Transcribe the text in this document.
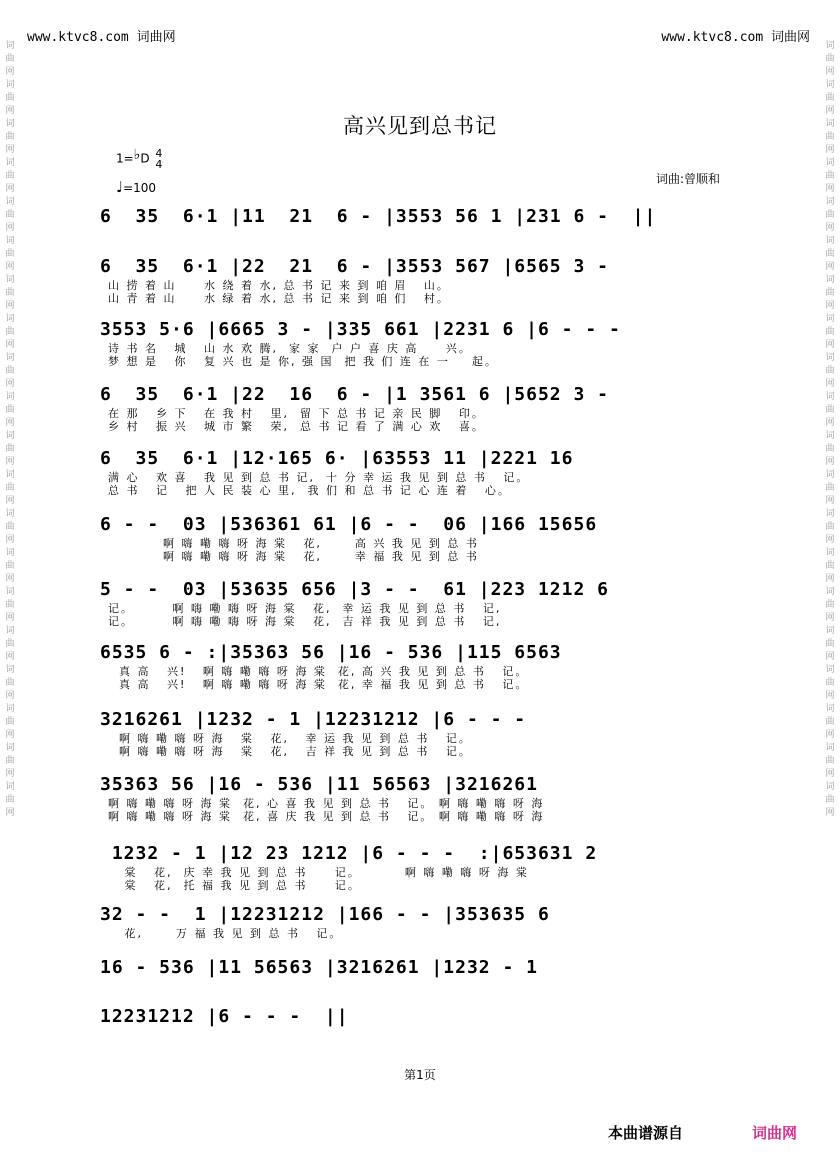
www.ktvc8.com 词曲网	www.ktvc8.com 词曲网
词曲网词曲网词曲网词曲网词曲网词曲网词曲网词曲网词曲网词曲网词曲网词曲网词曲网词曲网词曲网词曲网词曲网词曲网词曲网词曲网
词曲网词曲网词曲网词曲网词曲网词曲网词曲网词曲网词曲网词曲网词曲网词曲网词曲网词曲网词曲网词曲网词曲网词曲网词曲网词曲网
高兴见到总书记
1=♭D 4
4
♩=100
词曲:曾顺和
6  35  6·1 |11  21  6 - |3553 56 1 |231 6 -  ||
6  35  6·1 |22  21  6 - |3553 567 |6565 3 -
山 捞 着 山     水 绕 着 水, 总 书 记 来 到 咱 眉   山。
山 青 着 山     水 绿 着 水, 总 书 记 来 到 咱 们   村。
3553 5·6 |6665 3 - |335 661 |2231 6 |6 - - -
诗 书 名   城   山 水 欢 腾,  家 家  户 户 喜 庆 高     兴。
梦 想 是   你   复 兴 也 是 你, 强 国  把 我 们 连 在 一    起。
6  35  6·1 |22  16  6 - |1 3561 6 |5652 3 -
在 那   乡 下   在 我 村   里,  留 下 总 书 记 亲 民 脚   印。
乡 村   振 兴   城 市 繁   荣,  总 书 记 看 了 满 心 欢   喜。
6  35  6·1 |12·165 6· |63553 11 |2221 16
满 心   欢 喜   我 见 到 总 书 记,  十 分 幸 运 我 见 到 总 书   记。
总 书   记   把 人 民 装 心 里,  我 们 和 总 书 记 心 连 着   心。
6 - -  03 |536361 61 |6 - -  06 |166 15656
啊 嗨 嘞 嗨 呀 海 棠   花,      高 兴 我 见 到 总 书
啊 嗨 嘞 嗨 呀 海 棠   花,      幸 福 我 见 到 总 书
5 - -  03 |53635 656 |3 - -  61 |223 1212 6
记。       啊 嗨 嘞 嗨 呀 海 棠   花,  幸 运 我 见 到 总 书   记,
记。       啊 嗨 嘞 嗨 呀 海 棠   花,  吉 祥 我 见 到 总 书   记,
6535 6 - :|35363 56 |16 - 536 |115 6563
真 高   兴!   啊 嗨 嘞 嗨 呀 海 棠  花, 高 兴 我 见 到 总 书   记。
真 高   兴!   啊 嗨 嘞 嗨 呀 海 棠  花, 幸 福 我 见 到 总 书   记。
3216261 |1232 - 1 |12231212 |6 - - -
啊 嗨 嘞 嗨 呀 海   棠   花,   幸 运 我 见 到 总 书   记。
啊 嗨 嘞 嗨 呀 海   棠   花,   吉 祥 我 见 到 总 书   记。
35363 56 |16 - 536 |11 56563 |3216261
啊 嗨 嘞 嗨 呀 海 棠  花, 心 喜 我 见 到 总 书   记。 啊 嗨 嘞 嗨 呀 海
啊 嗨 嘞 嗨 呀 海 棠  花, 喜 庆 我 见 到 总 书   记。 啊 嗨 嘞 嗨 呀 海
1232 - 1 |12 23 1212 |6 - - -  :|653631 2
棠   花,  庆 幸 我 见 到 总 书     记。        啊 嗨 嘞 嗨 呀 海 棠
棠   花,  托 福 我 见 到 总 书     记。
32 - -  1 |12231212 |166 - - |353635 6
花,      万 福 我 见 到 总 书   记。
16 - 536 |11 56563 |3216261 |1232 - 1
12231212 |6 - - -  ||
第1页
本曲谱源自	词曲网
